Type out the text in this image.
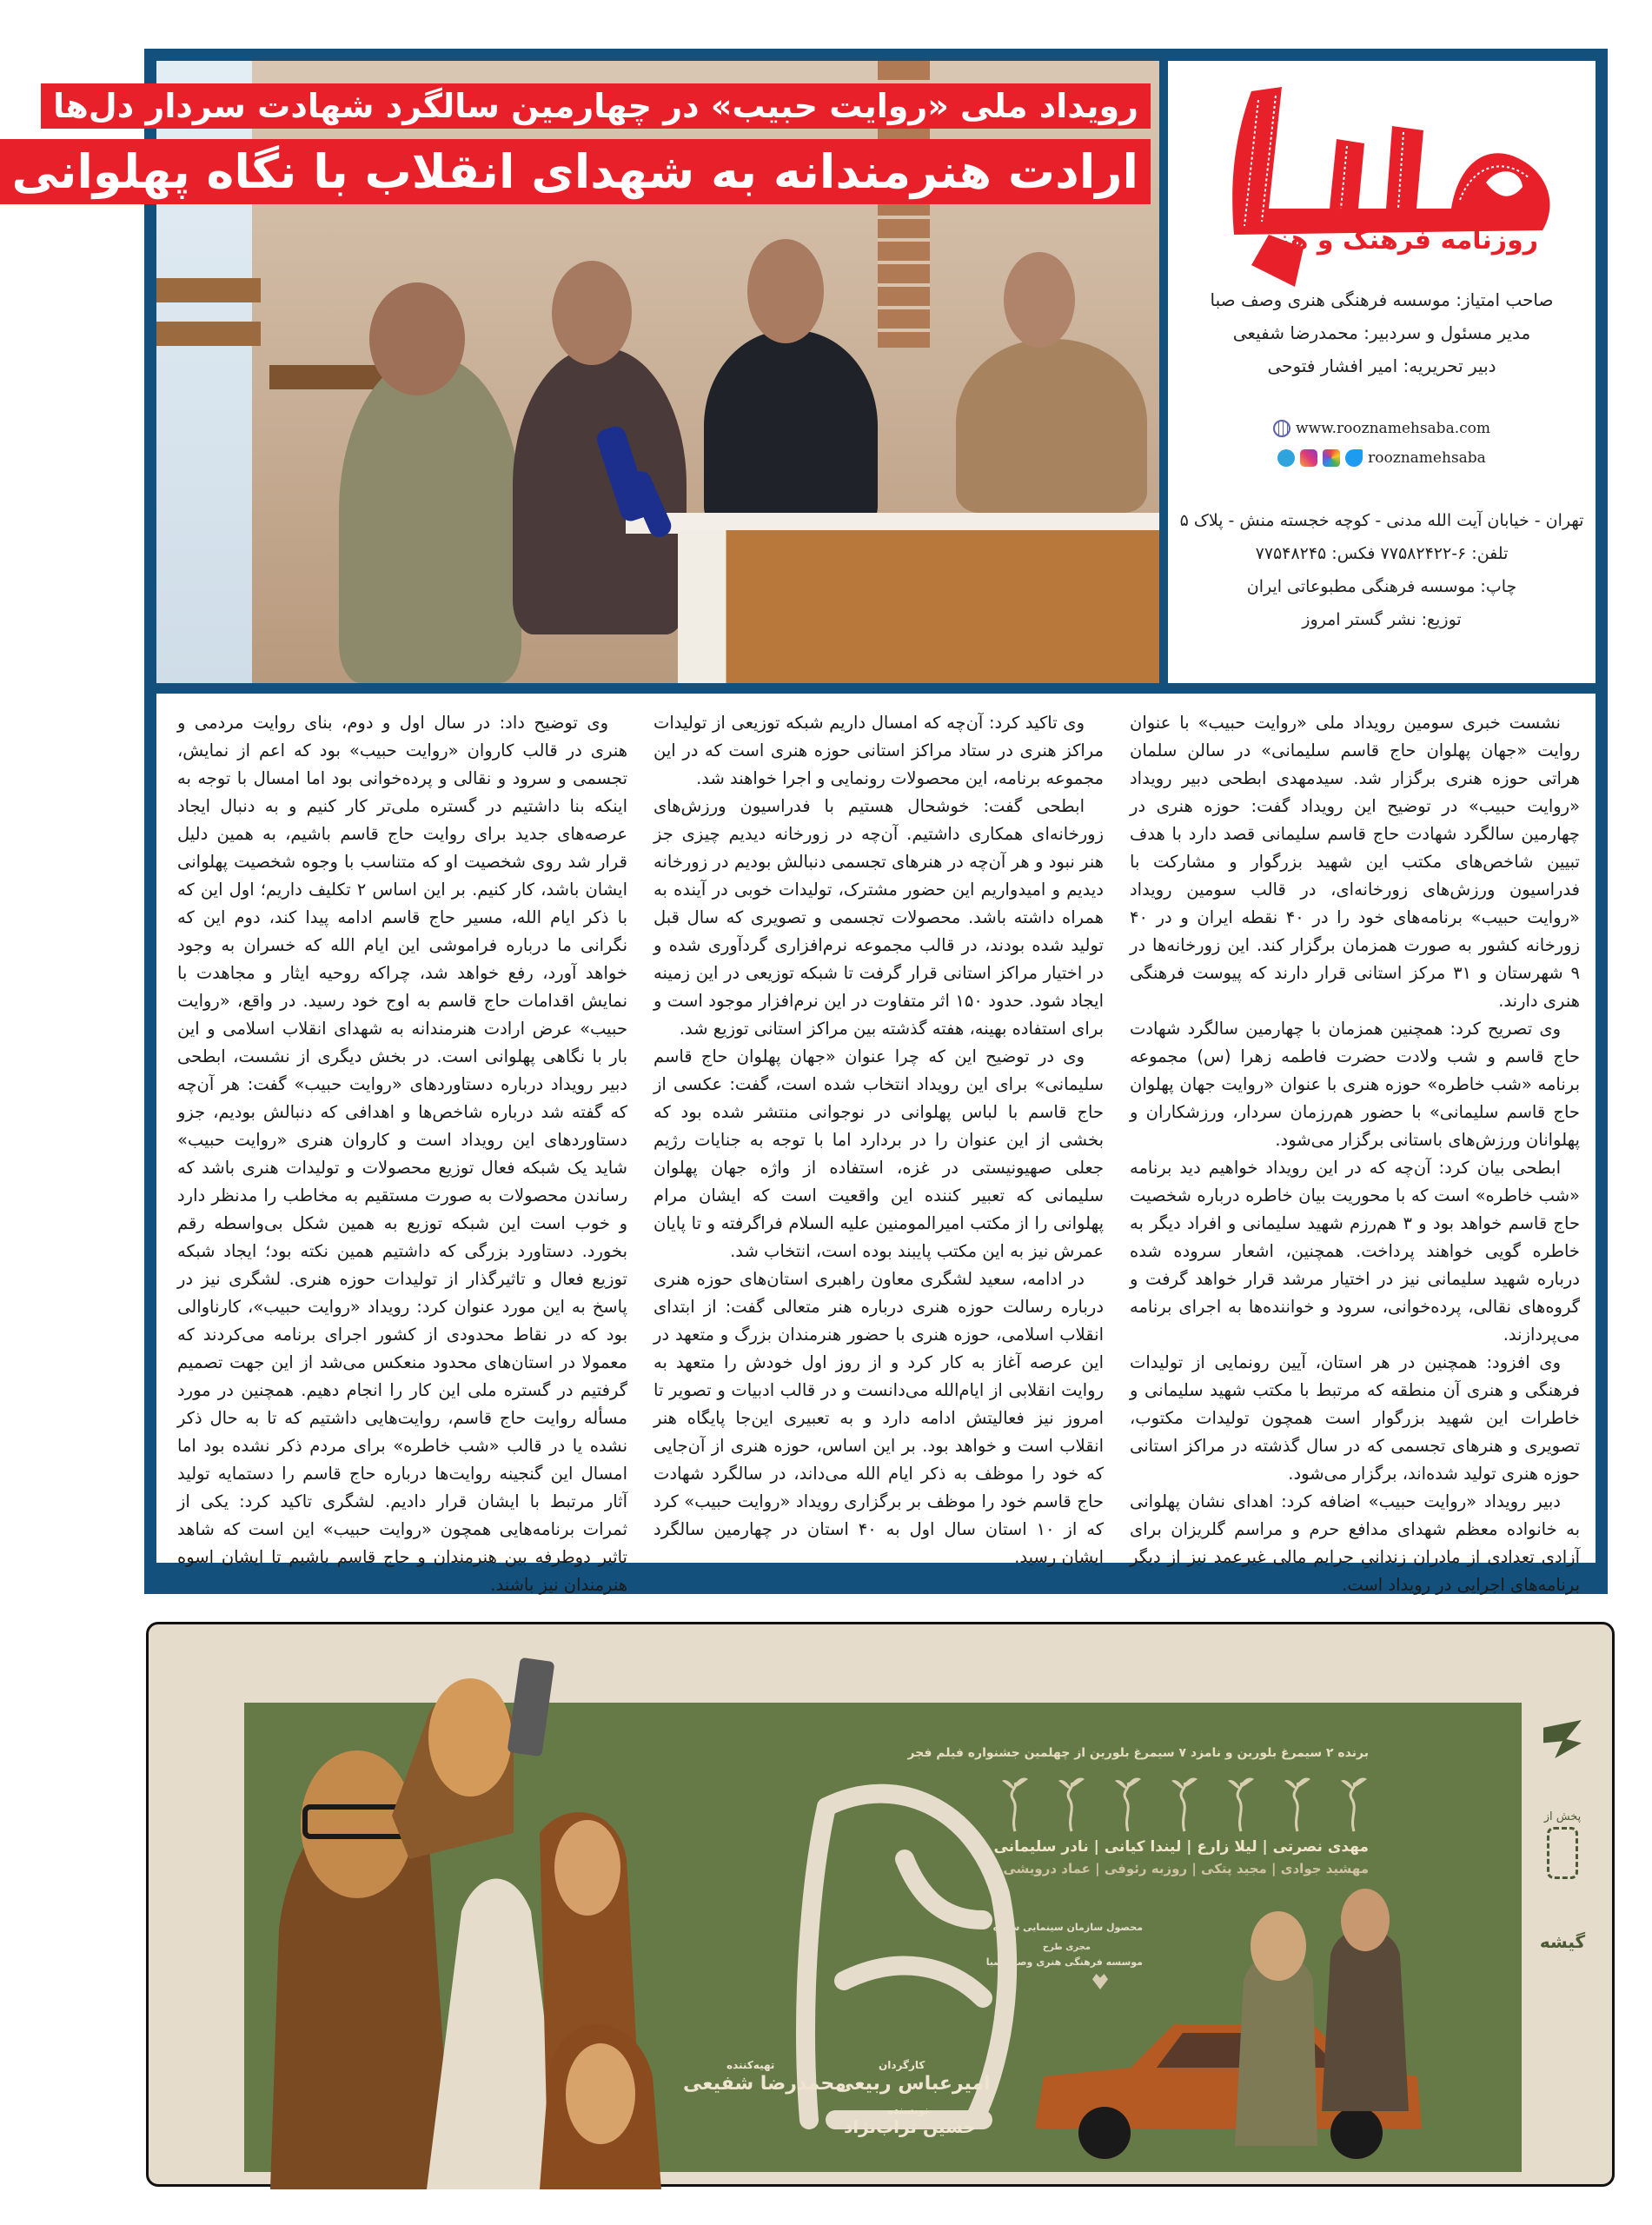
رویداد ملی «روایت حبیب» در چهارمین سالگرد شهادت سردار دل‌ها
ارادت هنرمندانه به شهدای انقلاب با نگاه پهلوانی
روزنامه فرهنگ و هنر
صاحب امتیاز: موسسه فرهنگی هنری وصف صبا
مدیر مسئول و سردبیر: محمدرضا شفیعی
دبیر تحریریه: امیر افشار فتوحی
www.rooznamehsaba.com
rooznamehsaba
تهران - خیابان آیت الله مدنی - کوچه خجسته منش - پلاک ۵
تلفن: ۶-۷۷۵۸۲۴۲۲ فکس: ۷۷۵۴۸۲۴۵
چاپ: موسسه فرهنگی مطبوعاتی ایران
توزیع: نشر گستر امروز

نشست خبری سومین رویداد ملی «روایت حبیب» با عنوان روایت «جهان پهلوان حاج قاسم سلیمانی» در سالن سلمان هراتی حوزه هنری برگزار شد. سیدمهدی ابطحی دبیر رویداد «روایت حبیب» در توضیح این رویداد گفت: حوزه هنری در چهارمین سالگرد شهادت حاج قاسم سلیمانی قصد دارد با هدف تبیین شاخص‌های مکتب این شهید بزرگوار و مشارکت با فدراسیون ورزش‌های زورخانه‌ای، در قالب سومین رویداد «روایت حبیب» برنامه‌های خود را در ۴۰ نقطه ایران و در ۴۰ زورخانه کشور به صورت همزمان برگزار کند. این زورخانه‌ها در ۹ شهرستان و ۳۱ مرکز استانی قرار دارند که پیوست فرهنگی هنری دارند.

وی تصریح کرد: همچنین همزمان با چهارمین سالگرد شهادت حاج قاسم و شب ولادت حضرت فاطمه زهرا (س) مجموعه برنامه «شب خاطره» حوزه هنری با عنوان «روایت جهان پهلوان حاج قاسم سلیمانی» با حضور هم‌رزمان سردار، ورزشکاران و پهلوانان ورزش‌های باستانی برگزار می‌شود.

ابطحی بیان کرد: آن‌چه که در این رویداد خواهیم دید برنامه «شب خاطره» است که با محوریت بیان خاطره درباره شخصیت حاج قاسم خواهد بود و ۳ هم‌رزم شهید سلیمانی و افراد دیگر به خاطره گویی خواهند پرداخت. همچنین، اشعار سروده شده درباره شهید سلیمانی نیز در اختیار مرشد قرار خواهد گرفت و گروه‌های نقالی، پرده‌خوانی، سرود و خواننده‌ها به اجرای برنامه می‌پردازند.

وی افزود: همچنین در هر استان، آیین رونمایی از تولیدات فرهنگی و هنری آن منطقه که مرتبط با مکتب شهید سلیمانی و خاطرات این شهید بزرگوار است همچون تولیدات مکتوب، تصویری و هنرهای تجسمی که در سال گذشته در مراکز استانی حوزه هنری تولید شده‌اند، برگزار می‌شود.

دبیر رویداد «روایت حبیب» اضافه کرد: اهدای نشان پهلوانی به خانواده معظم شهدای مدافع حرم و مراسم گلریزان برای آزادی تعدادی از مادران زندانیِ جرایم مالی غیرعمد نیز از دیگر برنامه‌های اجرایی در رویداد است.

وی تاکید کرد: آن‌چه که امسال داریم شبکه توزیعی از تولیدات مراکز هنری در ستاد مراکز استانی حوزه هنری است که در این مجموعه برنامه، این محصولات رونمایی و اجرا خواهند شد.

ابطحی گفت: خوشحال هستیم با فدراسیون ورزش‌های زورخانه‌ای همکاری داشتیم. آن‌چه در زورخانه دیدیم چیزی جز هنر نبود و هر آن‌چه در هنرهای تجسمی دنبالش بودیم در زورخانه دیدیم و امیدواریم این حضور مشترک، تولیدات خوبی در آینده به همراه داشته باشد. محصولات تجسمی و تصویری که سال قبل تولید شده بودند، در قالب مجموعه نرم‌افزاری گردآوری شده و در اختیار مراکز استانی قرار گرفت تا شبکه توزیعی در این زمینه ایجاد شود. حدود ۱۵۰ اثر متفاوت در این نرم‌افزار موجود است و برای استفاده بهینه، هفته گذشته بین مراکز استانی توزیع شد.

وی در توضیح این که چرا عنوان «جهان پهلوان حاج قاسم سلیمانی» برای این رویداد انتخاب شده است، گفت: عکسی از حاج قاسم با لباس پهلوانی در نوجوانی منتشر شده بود که بخشی از این عنوان را در بردارد اما با توجه به جنایات رژیم جعلی صهیونیستی در غزه، استفاده از واژه جهان پهلوان سلیمانی که تعبیر کننده این واقعیت است که ایشان مرام پهلوانی را از مکتب امیرالمومنین علیه السلام فراگرفته و تا پایان عمرش نیز به این مکتب پایبند بوده است، انتخاب شد.

در ادامه، سعید لشگری معاون راهبری استان‌های حوزه هنری درباره رسالت حوزه هنری درباره هنر متعالی گفت: از ابتدای انقلاب اسلامی، حوزه هنری با حضور هنرمندان بزرگ و متعهد در این عرصه آغاز به کار کرد و از روز اول خودش را متعهد به روایت انقلابی از ایام‌الله می‌دانست و در قالب ادبیات و تصویر تا امروز نیز فعالیتش ادامه دارد و به تعبیری این‌جا پایگاه هنر انقلاب است و خواهد بود. بر این اساس، حوزه هنری از آن‌جایی که خود را موظف به ذکر ایام الله می‌داند، در سالگرد شهادت حاج قاسم خود را موظف بر برگزاری رویداد «روایت حبیب» کرد که از ۱۰ استان سال اول به ۴۰ استان در چهارمین سالگرد ایشان رسید.

وی توضیح داد: در سال اول و دوم، بنای روایت مردمی و هنری در قالب کاروان «روایت حبیب» بود که اعم از نمایش، تجسمی و سرود و نقالی و پرده‌خوانی بود اما امسال با توجه به اینکه بنا داشتیم در گستره ملی‌تر کار کنیم و به دنبال ایجاد عرصه‌های جدید برای روایت حاج قاسم باشیم، به همین دلیل قرار شد روی شخصیت او که متناسب با وجوه شخصیت پهلوانی ایشان باشد، کار کنیم. بر این اساس ۲ تکلیف داریم؛ اول این که با ذکر ایام الله، مسیر حاج قاسم ادامه پیدا کند، دوم این که نگرانی ما درباره فراموشی این ایام الله که خسران به وجود خواهد آورد، رفع خواهد شد، چراکه روحیه ایثار و مجاهدت با نمایش اقدامات حاج قاسم به اوج خود رسید. در واقع، «روایت حبیب» عرض ارادت هنرمندانه به شهدای انقلاب اسلامی و این بار با نگاهی پهلوانی است. در بخش دیگری از نشست، ابطحی دبیر رویداد درباره دستاوردهای «روایت حبیب» گفت: هر آن‌چه که گفته شد درباره شاخص‌ها و اهدافی که دنبالش بودیم، جزو دستاوردهای این رویداد است و کاروان هنری «روایت حبیب» شاید یک شبکه فعال توزیع محصولات و تولیدات هنری باشد که رساندن محصولات به صورت مستقیم به مخاطب را مدنظر دارد و خوب است این شبکه توزیع به همین شکل بی‌واسطه رقم بخورد. دستاورد بزرگی که داشتیم همین نکته بود؛ ایجاد شبکه توزیع فعال و تاثیرگذار از تولیدات حوزه هنری. لشگری نیز در پاسخ به این مورد عنوان کرد: رویداد «روایت حبیب»، کارناوالی بود که در نقاط محدودی از کشور اجرای برنامه می‌کردند که معمولا در استان‌های محدود منعکس می‌شد از این جهت تصمیم گرفتیم در گستره ملی این کار را انجام دهیم. همچنین در مورد مسأله روایت حاج قاسم، روایت‌هایی داشتیم که تا به حال ذکر نشده یا در قالب «شب خاطره» برای مردم ذکر نشده بود اما امسال این گنجینه روایت‌ها درباره حاج قاسم را دستمایه تولید آثار مرتبط با ایشان قرار دادیم. لشگری تاکید کرد: یکی از ثمرات برنامه‌هایی همچون «روایت حبیب» این است که شاهد تاثیر دوطرفه بین هنرمندان و حاج قاسم باشیم تا ایشان اسوه هنرمندان نیز باشند.

برنده ۲ سیمرغ بلورین و نامزد ۷ سیمرغ بلورین از چهلمین جشنواره فیلم فجر
مهدی نصرتی | لیلا زارع | لیندا کیانی | نادر سلیمانی
مهشید جوادی | مجید پتکی | روزبه رئوفی | عماد درویشی
محصول سازمان سینمایی سوره
مجری طرح
موسسه فرهنگی هنری وصف صبا
کارگردان
امیرعباس ربیعی
تهیه‌کننده
محمدرضا شفیعی
نویسنده
حسین تراب‌نژاد
پخش از
گیشه
